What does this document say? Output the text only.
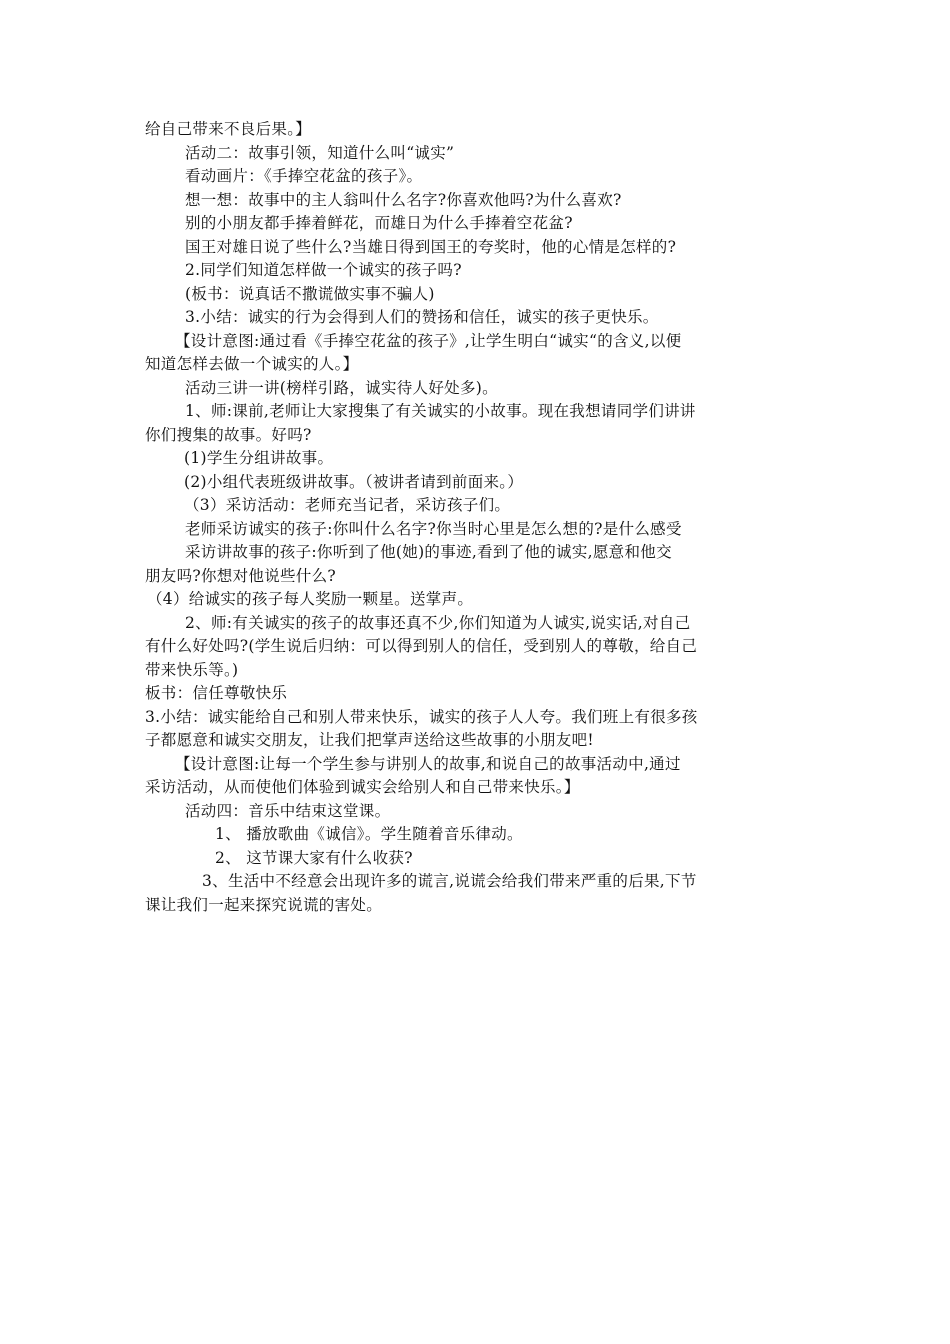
给自己带来不良后果。】
活动二：故事引领，知道什么叫“诚实”
看动画片：《手捧空花盆的孩子》。
想一想：故事中的主人翁叫什么名字?你喜欢他吗?为什么喜欢?
别的小朋友都手捧着鲜花，而雄日为什么手捧着空花盆?
国王对雄日说了些什么?当雄日得到国王的夸奖时，他的心情是怎样的?
2.同学们知道怎样做一个诚实的孩子吗?
(板书：说真话不撒谎做实事不骗人)
3.小结：诚实的行为会得到人们的赞扬和信任，诚实的孩子更快乐。
【设计意图:通过看《手捧空花盆的孩子》,让学生明白“诚实“的含义,以便
知道怎样去做一个诚实的人。】
活动三讲一讲(榜样引路，诚实待人好处多)。
1、师:课前,老师让大家搜集了有关诚实的小故事。现在我想请同学们讲讲
你们搜集的故事。好吗?
(1)学生分组讲故事。
(2)小组代表班级讲故事。（被讲者请到前面来。）
（3）采访活动：老师充当记者，采访孩子们。
老师采访诚实的孩子:你叫什么名字?你当时心里是怎么想的?是什么感受
采访讲故事的孩子:你听到了他(她)的事迹,看到了他的诚实,愿意和他交
朋友吗?你想对他说些什么?
（4）给诚实的孩子每人奖励一颗星。送掌声。
2、师:有关诚实的孩子的故事还真不少,你们知道为人诚实,说实话,对自己
有什么好处吗?(学生说后归纳：可以得到别人的信任，受到别人的尊敬，给自己
带来快乐等。)
板书：信任尊敬快乐
3.小结：诚实能给自己和别人带来快乐，诚实的孩子人人夸。我们班上有很多孩
子都愿意和诚实交朋友，让我们把掌声送给这些故事的小朋友吧!
【设计意图:让每一个学生参与讲别人的故事,和说自己的故事活动中,通过
采访活动，从而使他们体验到诚实会给别人和自己带来快乐。】
活动四：音乐中结束这堂课。
1、 播放歌曲《诚信》。学生随着音乐律动。
2、 这节课大家有什么收获?
3、生活中不经意会出现许多的谎言,说谎会给我们带来严重的后果,下节
课让我们一起来探究说谎的害处。
